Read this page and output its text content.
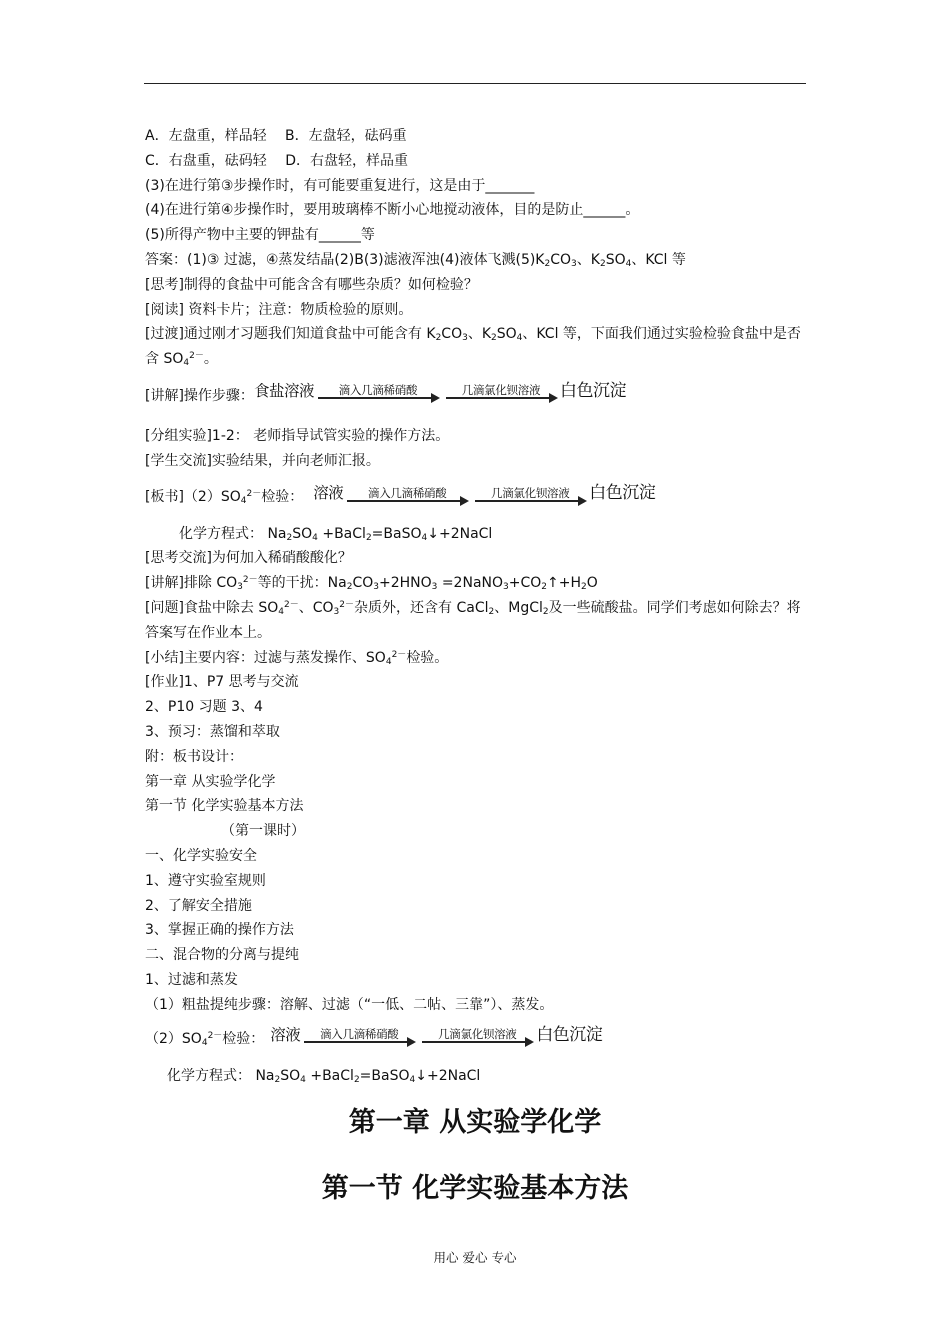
A．左盘重，样品轻　 B．左盘轻，砝码重
C．右盘重，砝码轻　 D．右盘轻，样品重
(3)在进行第③步操作时，有可能要重复进行，这是由于_______
(4)在进行第④步操作时，要用玻璃棒不断小心地搅动液体，目的是防止______。
(5)所得产物中主要的钾盐有______等
答案：(1)③ 过滤，④蒸发结晶(2)B(3)滤液浑浊(4)液体飞溅$(5)K_2CO_3$、$K_2SO_4$、KCl 等
[思考]制得的食盐中可能含含有哪些杂质？如何检验？
[阅读] 资料卡片；注意：物质检验的原则。
[过渡]通过刚才习题我们知道食盐中可能含有 $K_2CO_3$、$K_2SO_4$、KCl 等，下面我们通过实验检验食盐中是否含 $SO_4^{2-}$。
[讲解]操作步骤： 食盐溶液 滴入几滴稀硝酸	几滴氯化钡溶液 白色沉淀
[分组实验]1-2： 老师指导试管实验的操作方法。
[学生交流]实验结果，并向老师汇报。
[板书]$(2)SO_4^{2-}$检验： 溶液 滴入几滴稀硝酸	几滴氯化钡溶液 白色沉淀
化学方程式： $Na_2SO_4$ +BaCl$_2$=BaSO$_4$↓+2NaCl
[思考交流]为何加入稀硝酸酸化？
[讲解]排除 $CO_3^{2-}$等的干扰：$Na_2CO_3+2HNO_3$ $=2NaNO_3+CO_2↑+H_2O$
[问题]食盐中除去 $SO_4^{2-}$、$CO_3^{2-}$杂质外，还含有 CaCl$_2$、MgCl$_2$及一些硫酸盐。同学们考虑如何除去？将答案写在作业本上。
[小结]主要内容：过滤与蒸发操作、$SO_4^{2-}$检验。
[作业]1、P7 思考与交流
2、P10 习题 3、4
3、预习：蒸馏和萃取
附：板书设计：
第一章 从实验学化学
第一节 化学实验基本方法
（第一课时）
一、化学实验安全
1、遵守实验室规则
2、了解安全措施
3、掌握正确的操作方法
二、混合物的分离与提纯
1、过滤和蒸发
（1）粗盐提纯步骤：溶解、过滤（“一低、二帖、三靠”）、蒸发。
$(2)SO_4^{2-}$检验： 溶液 滴入几滴稀硝酸	几滴氯化钡溶液 白色沉淀
化学方程式： $Na_2SO_4$ +BaCl$_2$=BaSO$_4$↓+2NaCl
第一章 从实验学化学
第一节 化学实验基本方法
用心 爱心 专心
